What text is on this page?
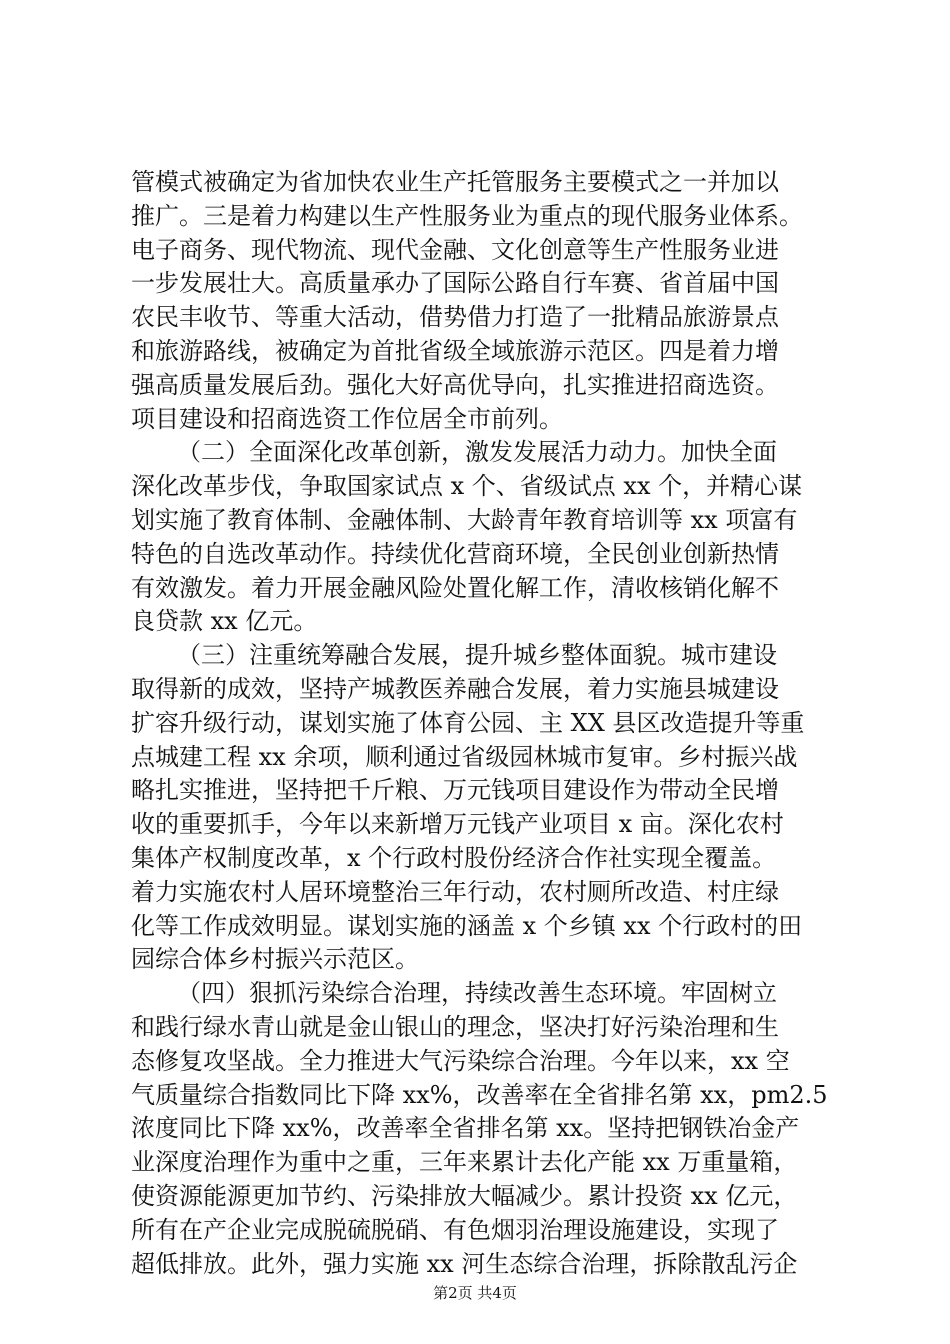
管模式被确定为省加快农业生产托管服务主要模式之一并加以
推广。三是着力构建以生产性服务业为重点的现代服务业体系。
电子商务、现代物流、现代金融、文化创意等生产性服务业进
一步发展壮大。高质量承办了国际公路自行车赛、省首届中国
农民丰收节、等重大活动，借势借力打造了一批精品旅游景点
和旅游路线，被确定为首批省级全域旅游示范区。四是着力增
强高质量发展后劲。强化大好高优导向，扎实推进招商选资。
项目建设和招商选资工作位居全市前列。
（二）全面深化改革创新，激发发展活力动力。加快全面
深化改革步伐，争取国家试点 x 个、省级试点 xx 个，并精心谋
划实施了教育体制、金融体制、大龄青年教育培训等 xx 项富有
特色的自选改革动作。持续优化营商环境，全民创业创新热情
有效激发。着力开展金融风险处置化解工作，清收核销化解不
良贷款 xx 亿元。
（三）注重统筹融合发展，提升城乡整体面貌。城市建设
取得新的成效，坚持产城教医养融合发展，着力实施县城建设
扩容升级行动，谋划实施了体育公园、主 XX 县区改造提升等重
点城建工程 xx 余项，顺利通过省级园林城市复审。乡村振兴战
略扎实推进，坚持把千斤粮、万元钱项目建设作为带动全民增
收的重要抓手，今年以来新增万元钱产业项目 x 亩。深化农村
集体产权制度改革，x 个行政村股份经济合作社实现全覆盖。
着力实施农村人居环境整治三年行动，农村厕所改造、村庄绿
化等工作成效明显。谋划实施的涵盖 x 个乡镇 xx 个行政村的田
园综合体乡村振兴示范区。
（四）狠抓污染综合治理，持续改善生态环境。牢固树立
和践行绿水青山就是金山银山的理念，坚决打好污染治理和生
态修复攻坚战。全力推进大气污染综合治理。今年以来，xx 空
气质量综合指数同比下降 xx%，改善率在全省排名第 xx，pm2.5
浓度同比下降 xx%，改善率全省排名第 xx。坚持把钢铁冶金产
业深度治理作为重中之重，三年来累计去化产能 xx 万重量箱，
使资源能源更加节约、污染排放大幅减少。累计投资 xx 亿元，
所有在产企业完成脱硫脱硝、有色烟羽治理设施建设，实现了
超低排放。此外，强力实施 xx 河生态综合治理，拆除散乱污企
第2页 共4页
